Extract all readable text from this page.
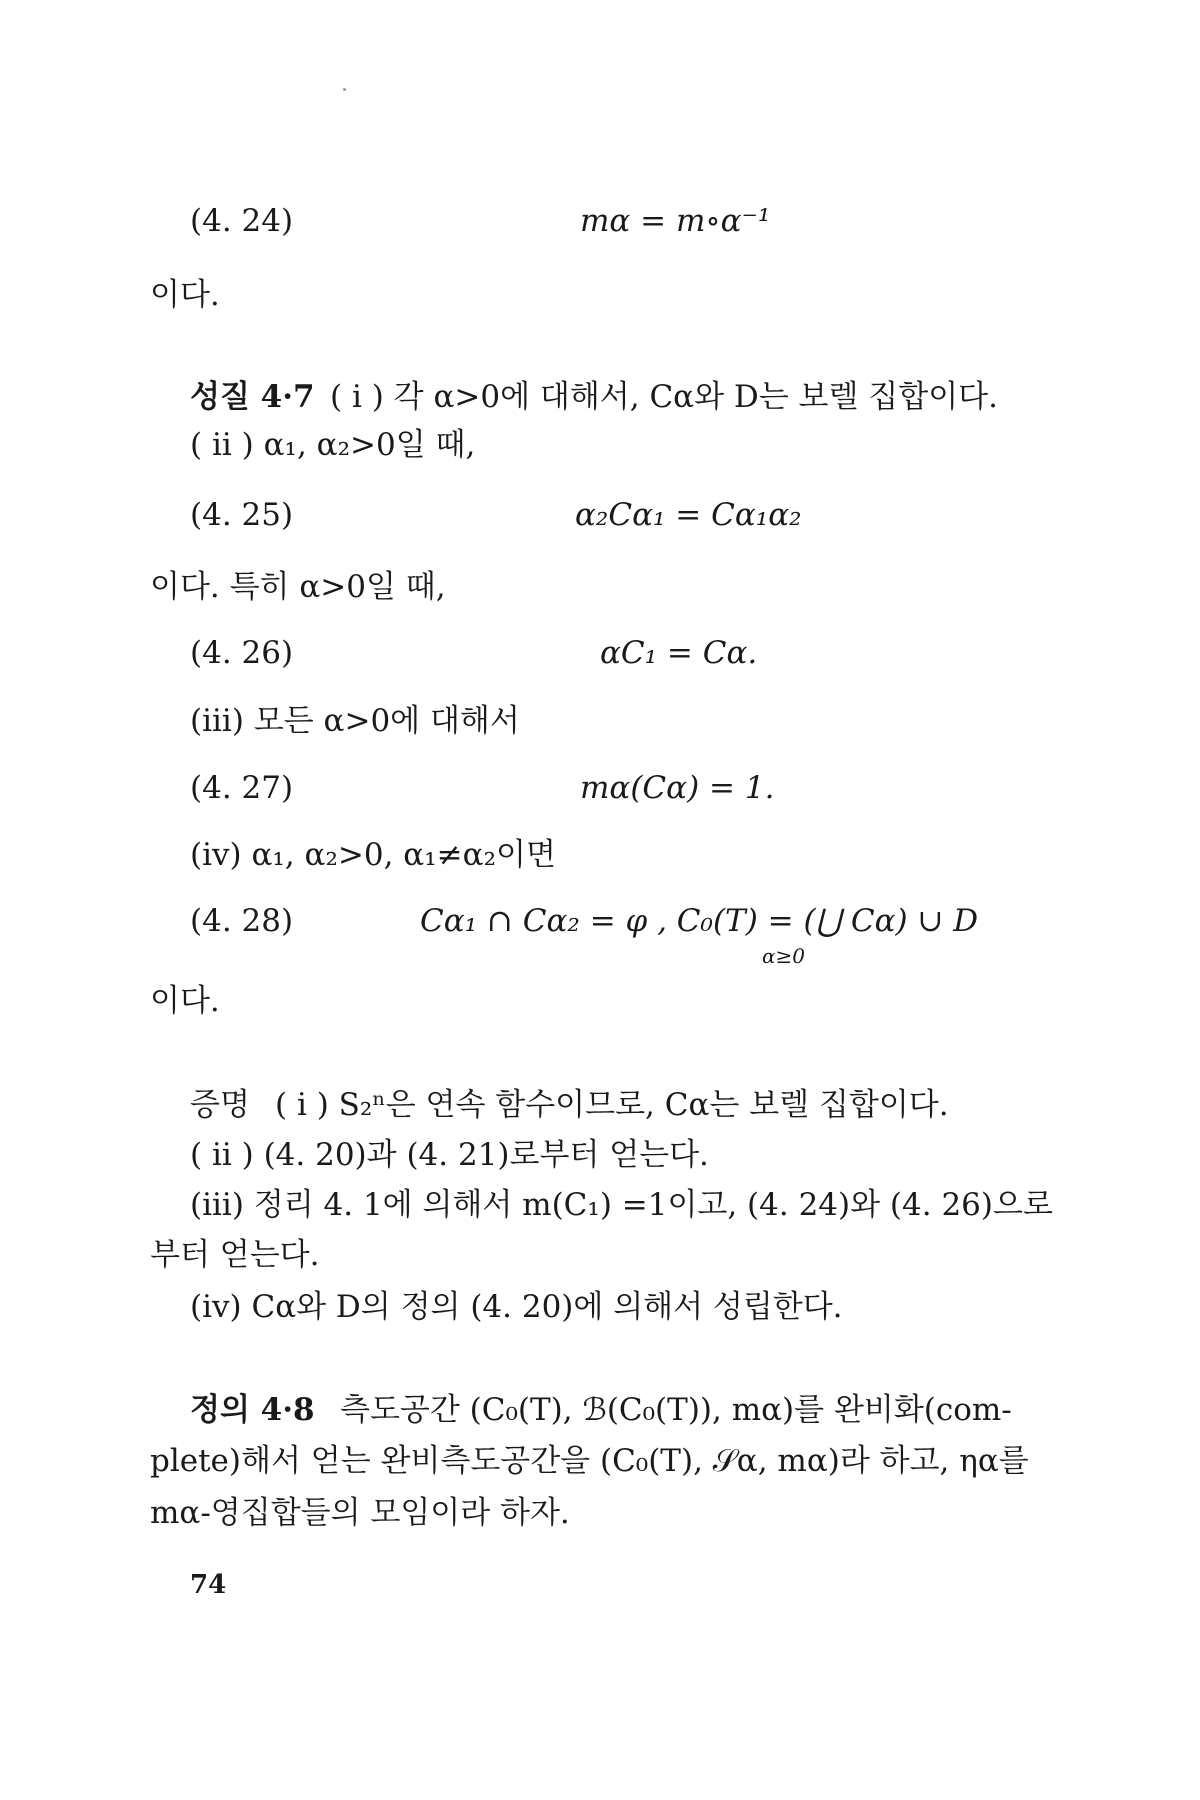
(4. 24)	mα = m∘α⁻¹
이다.
성질 4·7 ( i ) 각 α>0에 대해서, Cα와 D는 보렐 집합이다.
( ii ) α₁, α₂>0일 때,
(4. 25)	α₂Cα₁ = Cα₁α₂
이다. 특히 α>0일 때,
(4. 26)	αC₁ = Cα.
(iii) 모든 α>0에 대해서
(4. 27)	mα(Cα) = 1.
(iv) α₁, α₂>0, α₁≠α₂이면
(4. 28)	Cα₁ ∩ Cα₂ = φ , C₀(T) = (⋃ Cα) ∪ D
α≥0
이다.
증명 ( i ) S₂ⁿ은 연속 함수이므로, Cα는 보렐 집합이다.
( ii ) (4. 20)과 (4. 21)로부터 얻는다.
(iii) 정리 4. 1에 의해서 m(C₁) =1이고, (4. 24)와 (4. 26)으로
부터 얻는다.
(iv) Cα와 D의 정의 (4. 20)에 의해서 성립한다.
정의 4·8 측도공간 (C₀(T), ℬ(C₀(T)), mα)를 완비화(com-
plete)해서 얻는 완비측도공간을 (C₀(T), 𝒮α, mα)라 하고, ηα를
mα-영집합들의 모임이라 하자.
74
